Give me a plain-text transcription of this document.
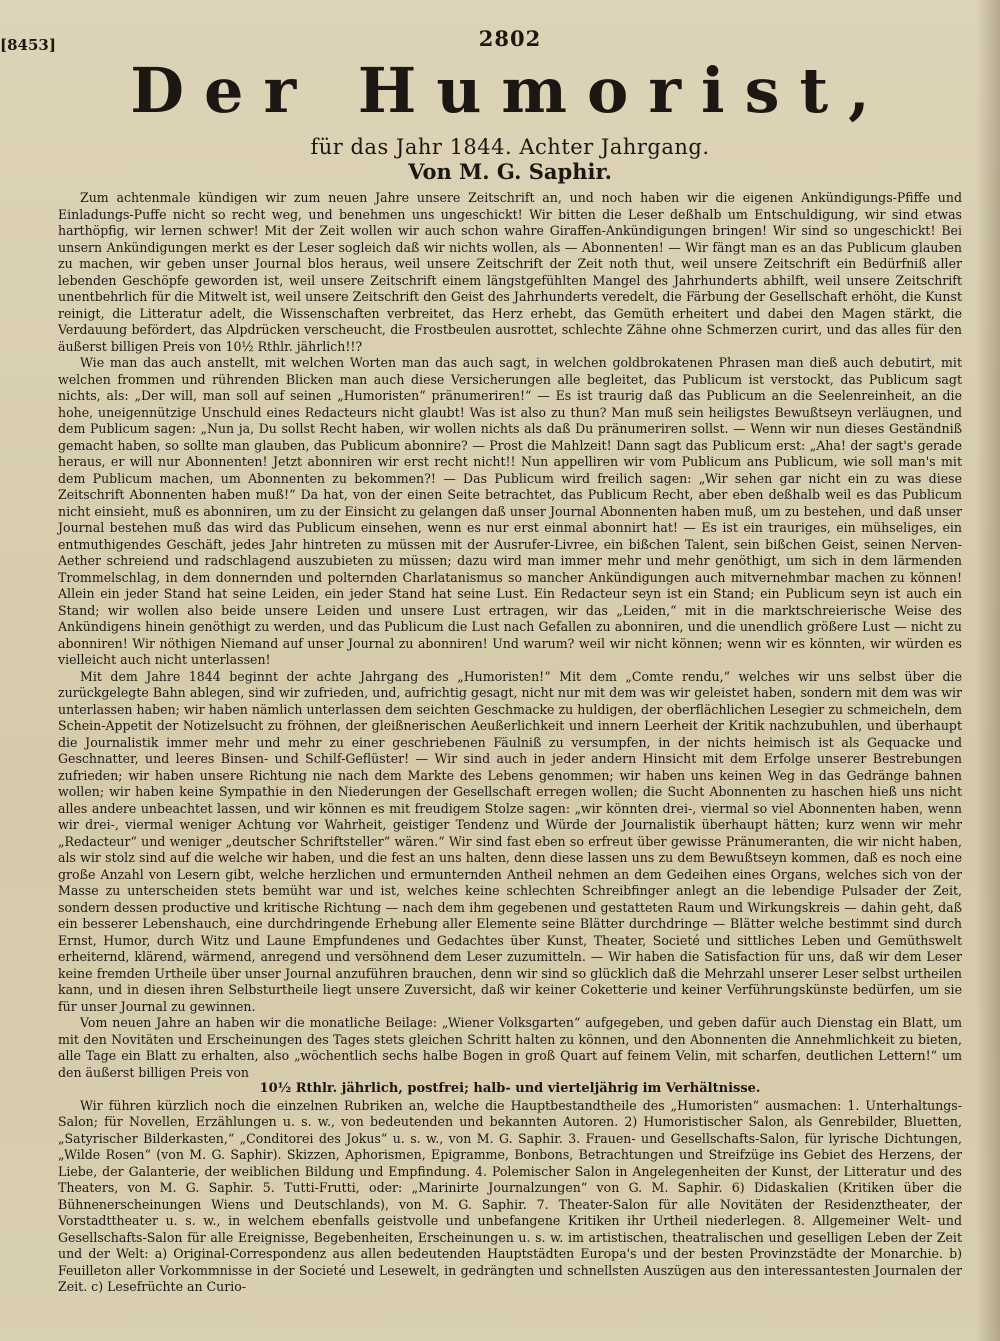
2802
[8453]
Der Humorist,
für das Jahr 1844. Achter Jahrgang.
Von M. G. Saphir.

Zum achtenmale kündigen wir zum neuen Jahre unsere Zeitschrift an, und noch haben wir die eigenen Ankündigungs-Pfiffe und Einladungs-Puffe nicht so recht weg, und benehmen uns ungeschickt! Wir bitten die Leser deßhalb um Entschuldigung, wir sind etwas harthöpfig, wir lernen schwer! Mit der Zeit wollen wir auch schon wahre Giraffen-Ankündigungen bringen! Wir sind so ungeschickt! Bei unsern Ankündigungen merkt es der Leser sogleich daß wir nichts wollen, als — Abonnenten! — Wir fängt man es an das Publicum glauben zu machen, wir geben unser Journal blos heraus, weil unsere Zeitschrift der Zeit noth thut, weil unsere Zeitschrift ein Bedürfniß aller lebenden Geschöpfe geworden ist, weil unsere Zeitschrift einem längstgefühlten Mangel des Jahrhunderts abhilft, weil unsere Zeitschrift unentbehrlich für die Mitwelt ist, weil unsere Zeitschrift den Geist des Jahrhunderts veredelt, die Färbung der Gesellschaft erhöht, die Kunst reinigt, die Litteratur adelt, die Wissenschaften verbreitet, das Herz erhebt, das Gemüth erheitert und dabei den Magen stärkt, die Verdauung befördert, das Alpdrücken verscheucht, die Frostbeulen ausrottet, schlechte Zähne ohne Schmerzen curirt, und das alles für den äußerst billigen Preis von 10½ Rthlr. jährlich!!?

Wie man das auch anstellt, mit welchen Worten man das auch sagt, in welchen goldbrokatenen Phrasen man dieß auch debutirt, mit welchen frommen und rührenden Blicken man auch diese Versicherungen alle begleitet, das Publicum ist verstockt, das Publicum sagt nichts, als: „Der will, man soll auf seinen „Humoristen“ pränumeriren!“ — Es ist traurig daß das Publicum an die Seelenreinheit, an die hohe, uneigennützige Unschuld eines Redacteurs nicht glaubt! Was ist also zu thun? Man muß sein heiligstes Bewußtseyn verläugnen, und dem Publicum sagen: „Nun ja, Du sollst Recht haben, wir wollen nichts als daß Du pränumeriren sollst. — Wenn wir nun dieses Geständniß gemacht haben, so sollte man glauben, das Publicum abonnire? — Prost die Mahlzeit! Dann sagt das Publicum erst: „Aha! der sagt's gerade heraus, er will nur Abonnenten! Jetzt abonniren wir erst recht nicht!! Nun appelliren wir vom Publicum ans Publicum, wie soll man's mit dem Publicum machen, um Abonnenten zu bekommen?! — Das Publicum wird freilich sagen: „Wir sehen gar nicht ein zu was diese Zeitschrift Abonnenten haben muß!“ Da hat, von der einen Seite betrachtet, das Publicum Recht, aber eben deßhalb weil es das Publicum nicht einsieht, muß es abonniren, um zu der Einsicht zu gelangen daß unser Journal Abonnenten haben muß, um zu bestehen, und daß unser Journal bestehen muß das wird das Publicum einsehen, wenn es nur erst einmal abonnirt hat! — Es ist ein trauriges, ein mühseliges, ein entmuthigendes Geschäft, jedes Jahr hintreten zu müssen mit der Ausrufer-Livree, ein bißchen Talent, sein bißchen Geist, seinen Nerven-Aether schreiend und radschlagend auszubieten zu müssen; dazu wird man immer mehr und mehr genöthigt, um sich in dem lärmenden Trommelschlag, in dem donnernden und polternden Charlatanismus so mancher Ankündigungen auch mitvernehmbar machen zu können! Allein ein jeder Stand hat seine Leiden, ein jeder Stand hat seine Lust. Ein Redacteur seyn ist ein Stand; ein Publicum seyn ist auch ein Stand; wir wollen also beide unsere Leiden und unsere Lust ertragen, wir das „Leiden,“ mit in die marktschreierische Weise des Ankündigens hinein genöthigt zu werden, und das Publicum die Lust nach Gefallen zu abonniren, und die unendlich größere Lust — nicht zu abonniren! Wir nöthigen Niemand auf unser Journal zu abonniren! Und warum? weil wir nicht können; wenn wir es könnten, wir würden es vielleicht auch nicht unterlassen!

Mit dem Jahre 1844 beginnt der achte Jahrgang des „Humoristen!“ Mit dem „Comte rendu,“ welches wir uns selbst über die zurückgelegte Bahn ablegen, sind wir zufrieden, und, aufrichtig gesagt, nicht nur mit dem was wir geleistet haben, sondern mit dem was wir unterlassen haben; wir haben nämlich unterlassen dem seichten Geschmacke zu huldigen, der oberflächlichen Lesegier zu schmeicheln, dem Schein-Appetit der Notizelsucht zu fröhnen, der gleißnerischen Aeußerlichkeit und innern Leerheit der Kritik nachzubuhlen, und überhaupt die Journalistik immer mehr und mehr zu einer geschriebenen Fäulniß zu versumpfen, in der nichts heimisch ist als Gequacke und Geschnatter, und leeres Binsen- und Schilf-Geflüster! — Wir sind auch in jeder andern Hinsicht mit dem Erfolge unserer Bestrebungen zufrieden; wir haben unsere Richtung nie nach dem Markte des Lebens genommen; wir haben uns keinen Weg in das Gedränge bahnen wollen; wir haben keine Sympathie in den Niederungen der Gesellschaft erregen wollen; die Sucht Abonnenten zu haschen hieß uns nicht alles andere unbeachtet lassen, und wir können es mit freudigem Stolze sagen: „wir könnten drei-, viermal so viel Abonnenten haben, wenn wir drei-, viermal weniger Achtung vor Wahrheit, geistiger Tendenz und Würde der Journalistik überhaupt hätten; kurz wenn wir mehr „Redacteur“ und weniger „deutscher Schriftsteller“ wären.“ Wir sind fast eben so erfreut über gewisse Pränumeranten, die wir nicht haben, als wir stolz sind auf die welche wir haben, und die fest an uns halten, denn diese lassen uns zu dem Bewußtseyn kommen, daß es noch eine große Anzahl von Lesern gibt, welche herzlichen und ermunternden Antheil nehmen an dem Gedeihen eines Organs, welches sich von der Masse zu unterscheiden stets bemüht war und ist, welches keine schlechten Schreibfinger anlegt an die lebendige Pulsader der Zeit, sondern dessen productive und kritische Richtung — nach dem ihm gegebenen und gestatteten Raum und Wirkungskreis — dahin geht, daß ein besserer Lebenshauch, eine durchdringende Erhebung aller Elemente seine Blätter durchdringe — Blätter welche bestimmt sind durch Ernst, Humor, durch Witz und Laune Empfundenes und Gedachtes über Kunst, Theater, Societé und sittliches Leben und Gemüthswelt erheiternd, klärend, wärmend, anregend und versöhnend dem Leser zuzumitteln. — Wir haben die Satisfaction für uns, daß wir dem Leser keine fremden Urtheile über unser Journal anzuführen brauchen, denn wir sind so glücklich daß die Mehrzahl unserer Leser selbst urtheilen kann, und in diesen ihren Selbsturtheile liegt unsere Zuversicht, daß wir keiner Coketterie und keiner Verführungskünste bedürfen, um sie für unser Journal zu gewinnen.

Vom neuen Jahre an haben wir die monatliche Beilage: „Wiener Volksgarten“ aufgegeben, und geben dafür auch Dienstag ein Blatt, um mit den Novitäten und Erscheinungen des Tages stets gleichen Schritt halten zu können, und den Abonnenten die Annehmlichkeit zu bieten, alle Tage ein Blatt zu erhalten, also „wöchentlich sechs halbe Bogen in groß Quart auf feinem Velin, mit scharfen, deutlichen Lettern!“ um den äußerst billigen Preis von

10½ Rthlr. jährlich, postfrei; halb- und vierteljährig im Verhältnisse.

Wir führen kürzlich noch die einzelnen Rubriken an, welche die Hauptbestandtheile des „Humoristen“ ausmachen: 1. Unterhaltungs-Salon; für Novellen, Erzählungen u. s. w., von bedeutenden und bekannten Autoren. 2) Humoristischer Salon, als Genrebilder, Bluetten, „Satyrischer Bilderkasten,“ „Conditorei des Jokus“ u. s. w., von M. G. Saphir. 3. Frauen- und Gesellschafts-Salon, für lyrische Dichtungen, „Wilde Rosen“ (von M. G. Saphir). Skizzen, Aphorismen, Epigramme, Bonbons, Betrachtungen und Streifzüge ins Gebiet des Herzens, der Liebe, der Galanterie, der weiblichen Bildung und Empfindung. 4. Polemischer Salon in Angelegenheiten der Kunst, der Litteratur und des Theaters, von M. G. Saphir. 5. Tutti-Frutti, oder: „Marinirte Journalzungen“ von G. M. Saphir. 6) Didaskalien (Kritiken über die Bühnenerscheinungen Wiens und Deutschlands), von M. G. Saphir. 7. Theater-Salon für alle Novitäten der Residenztheater, der Vorstadttheater u. s. w., in welchem ebenfalls geistvolle und unbefangene Kritiken ihr Urtheil niederlegen. 8. Allgemeiner Welt- und Gesellschafts-Salon für alle Ereignisse, Begebenheiten, Erscheinungen u. s. w. im artistischen, theatralischen und geselligen Leben der Zeit und der Welt: a) Original-Correspondenz aus allen bedeutenden Hauptstädten Europa's und der besten Provinzstädte der Monarchie. b) Feuilleton aller Vorkommnisse in der Societé und Lesewelt, in gedrängten und schnellsten Auszügen aus den interessantesten Journalen der Zeit. c) Lesefrüchte an Curio-
